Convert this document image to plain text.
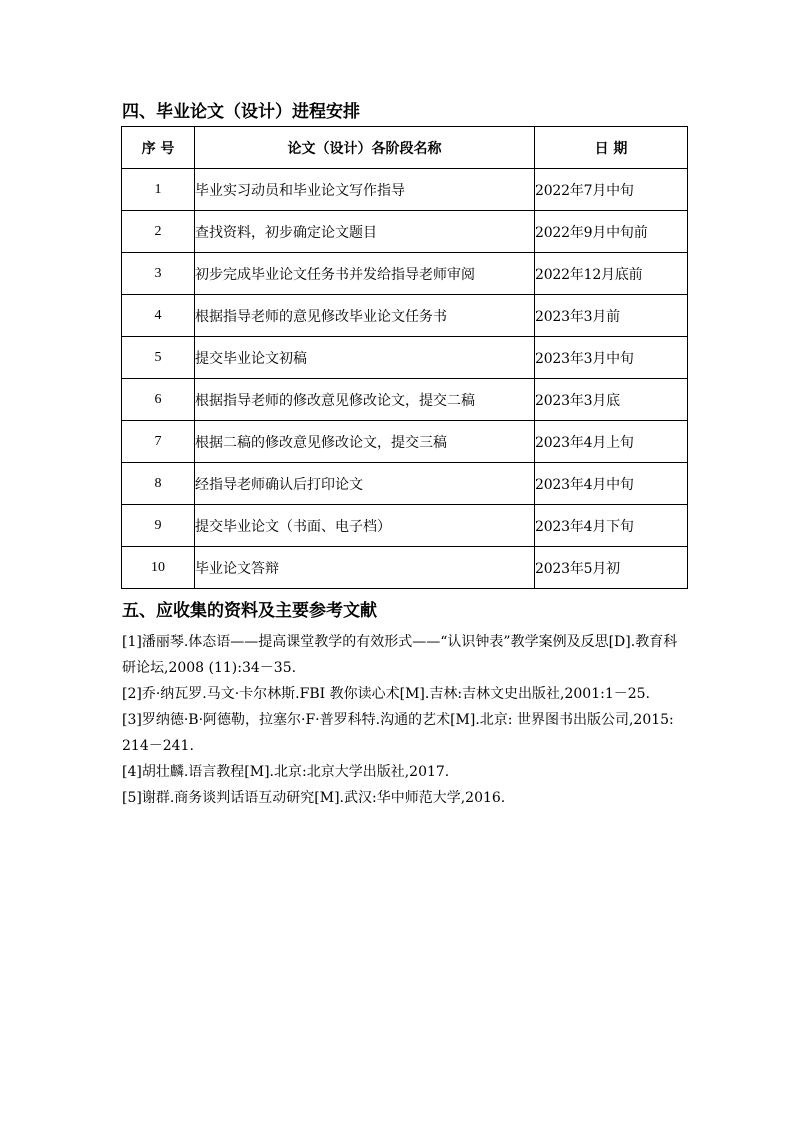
四、毕业论文（设计）进程安排
序 号	论文（设计）各阶段名称	日 期
1	毕业实习动员和毕业论文写作指导	2022年7月中旬
2	查找资料，初步确定论文题目	2022年9月中旬前
3	初步完成毕业论文任务书并发给指导老师审阅	2022年12月底前
4	根据指导老师的意见修改毕业论文任务书	2023年3月前
5	提交毕业论文初稿	2023年3月中旬
6	根据指导老师的修改意见修改论文，提交二稿	2023年3月底
7	根据二稿的修改意见修改论文，提交三稿	2023年4月上旬
8	经指导老师确认后打印论文	2023年4月中旬
9	提交毕业论文（书面、电子档）	2023年4月下旬
10	毕业论文答辩	2023年5月初
五、应收集的资料及主要参考文献

[1]潘丽琴.体态语——提高课堂教学的有效形式——“认识钟表”教学案例及反思[D].教育科研论坛,2008 (11):34－35.

[2]乔·纳瓦罗.马文·卡尔林斯.FBI 教你读心术[M].吉林:吉林文史出版社,2001:1－25.

[3]罗纳德·B·阿德勒，拉塞尔·F·普罗科特.沟通的艺术[M].北京: 世界图书出版公司,2015:214－241.

[4]胡壮麟.语言教程[M].北京:北京大学出版社,2017.

[5]谢群.商务谈判话语互动研究[M].武汉:华中师范大学,2016.
